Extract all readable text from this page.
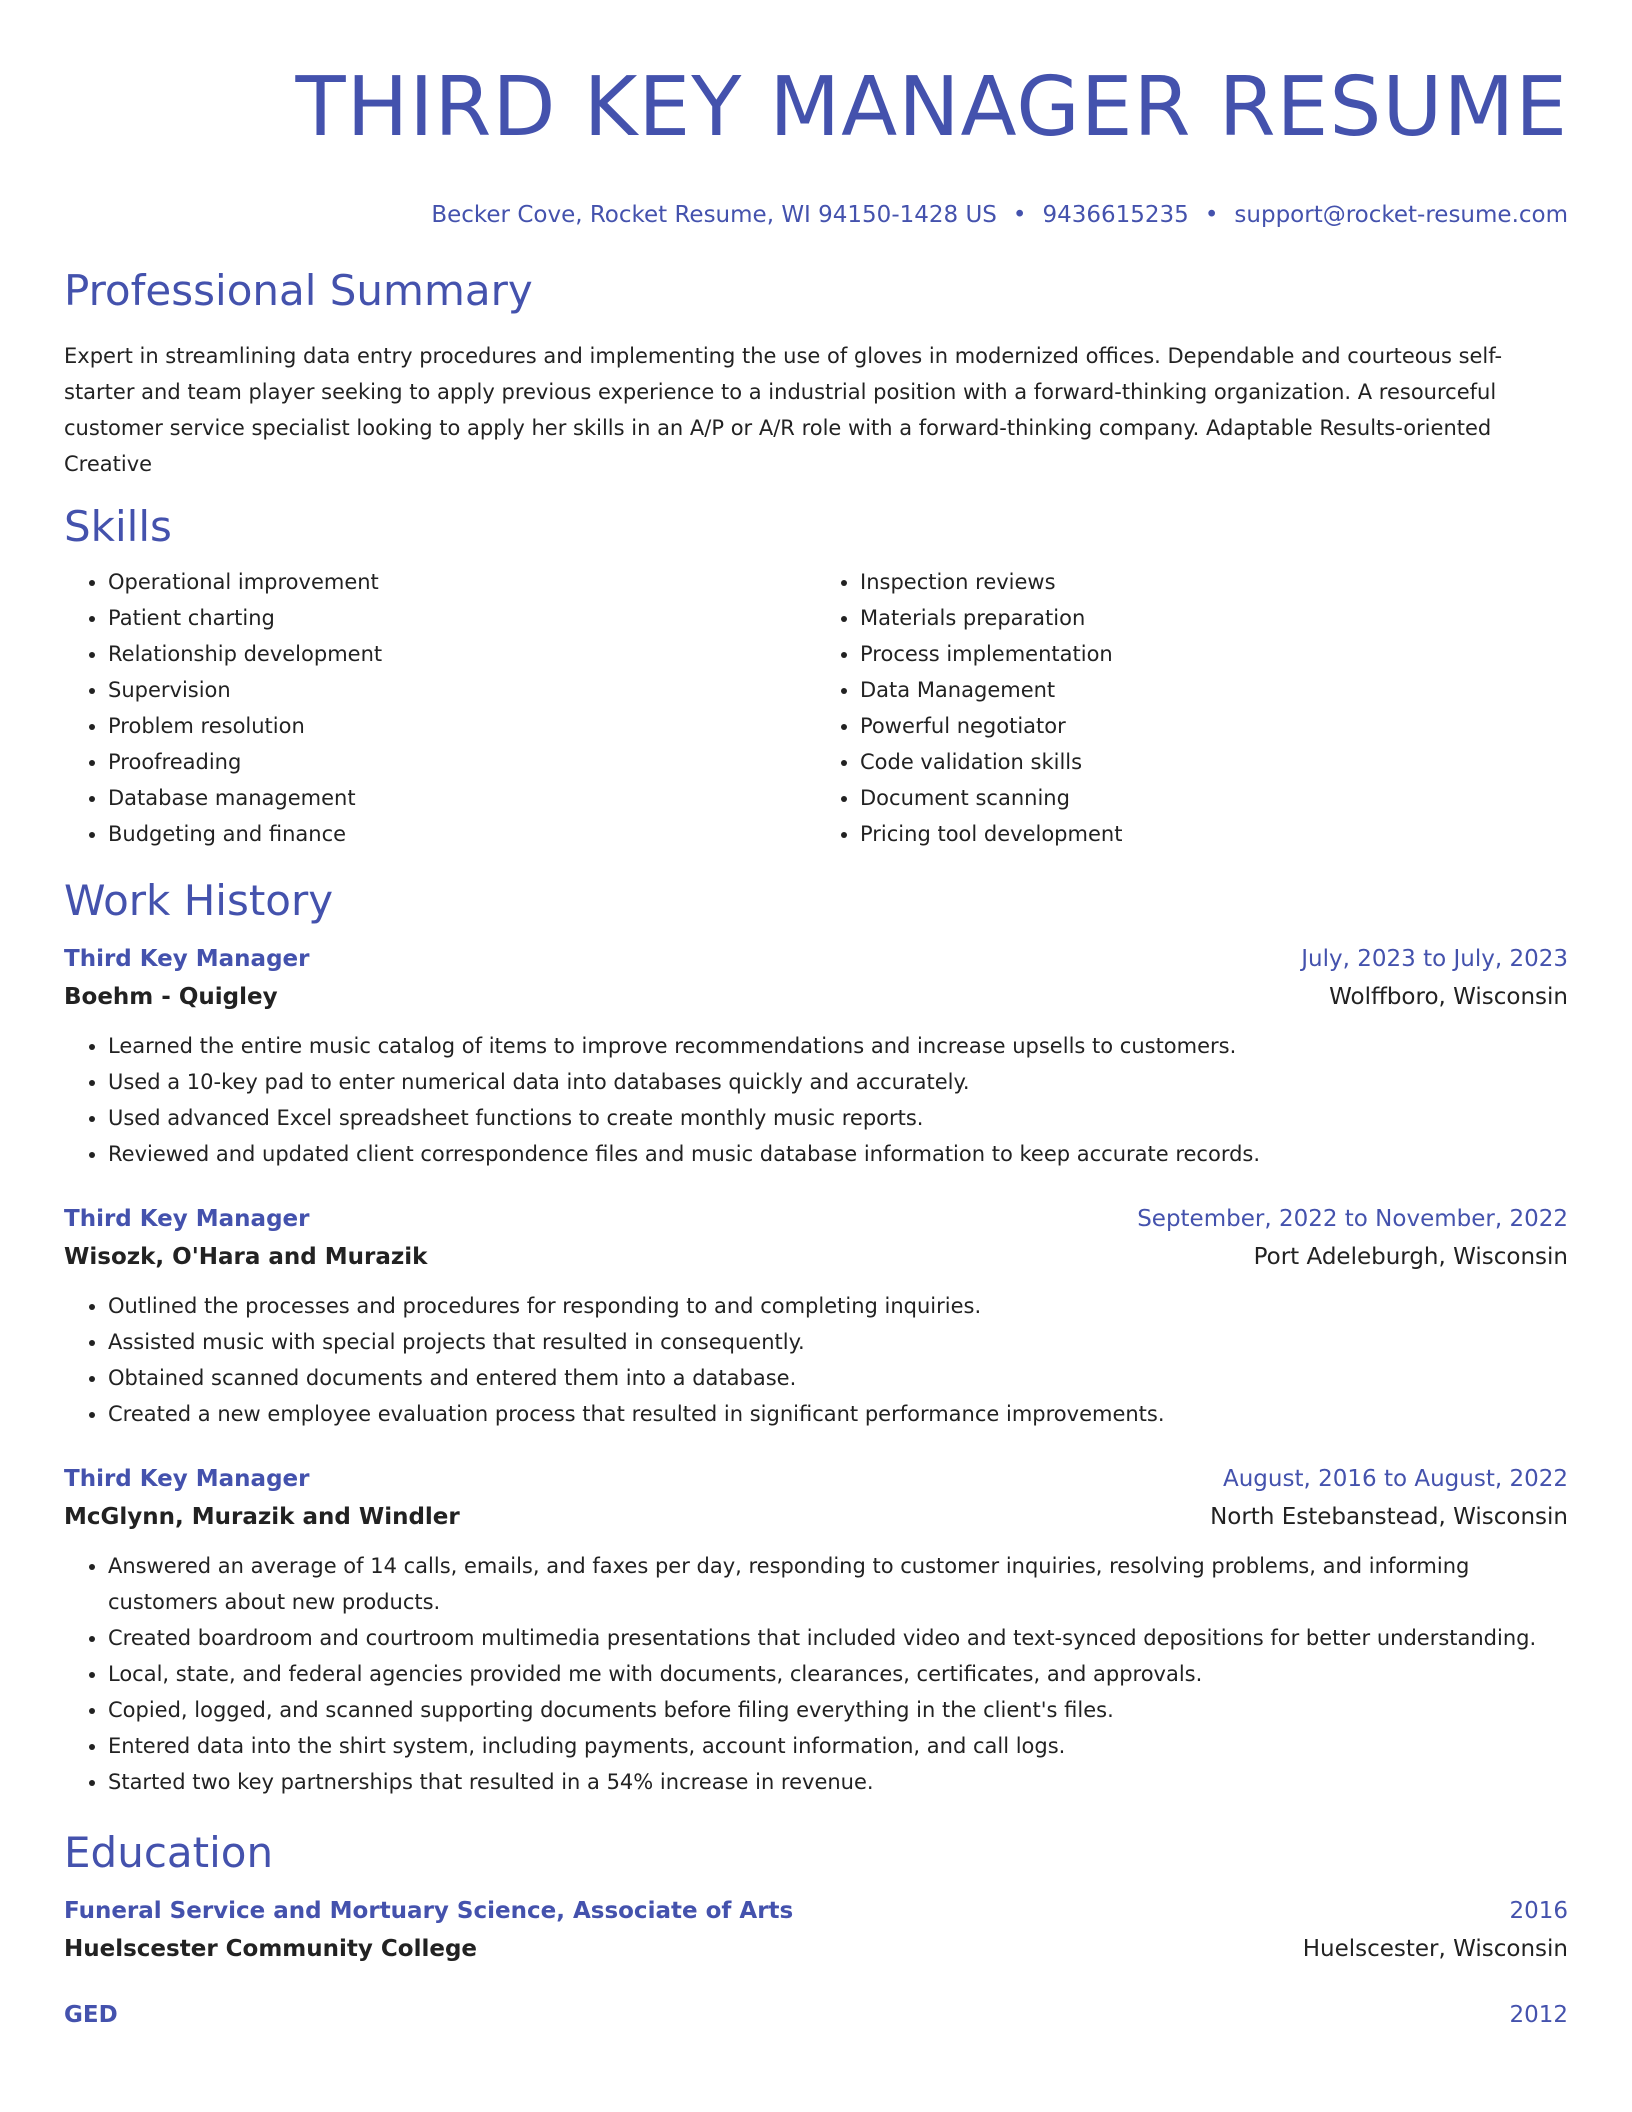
THIRD KEY MANAGER RESUME
Becker Cove, Rocket Resume, WI 94150-1428 US • 9436615235 • support@rocket-resume.com
Professional Summary

Expert in streamlining data entry procedures and implementing the use of gloves in modernized offices. Dependable and courteous self-starter and team player seeking to apply previous experience to a industrial position with a forward-thinking organization. A resourceful customer service specialist looking to apply her skills in an A/P or A/R role with a forward-thinking company. Adaptable Results-oriented Creative

Skills
• Operational improvement
• Patient charting
• Relationship development
• Supervision
• Problem resolution
• Proofreading
• Database management
• Budgeting and finance
• Inspection reviews
• Materials preparation
• Process implementation
• Data Management
• Powerful negotiator
• Code validation skills
• Document scanning
• Pricing tool development
Work History
Third Key Manager	July, 2023 to July, 2023
Boehm - Quigley	Wolffboro, Wisconsin
• Learned the entire music catalog of items to improve recommendations and increase upsells to customers.
• Used a 10-key pad to enter numerical data into databases quickly and accurately.
• Used advanced Excel spreadsheet functions to create monthly music reports.
• Reviewed and updated client correspondence files and music database information to keep accurate records.
Third Key Manager	September, 2022 to November, 2022
Wisozk, O'Hara and Murazik	Port Adeleburgh, Wisconsin
• Outlined the processes and procedures for responding to and completing inquiries.
• Assisted music with special projects that resulted in consequently.
• Obtained scanned documents and entered them into a database.
• Created a new employee evaluation process that resulted in significant performance improvements.
Third Key Manager	August, 2016 to August, 2022
McGlynn, Murazik and Windler	North Estebanstead, Wisconsin
• Answered an average of 14 calls, emails, and faxes per day, responding to customer inquiries, resolving problems, and informing customers about new products.
• Created boardroom and courtroom multimedia presentations that included video and text-synced depositions for better understanding.
• Local, state, and federal agencies provided me with documents, clearances, certificates, and approvals.
• Copied, logged, and scanned supporting documents before filing everything in the client's files.
• Entered data into the shirt system, including payments, account information, and call logs.
• Started two key partnerships that resulted in a 54% increase in revenue.
Education
Funeral Service and Mortuary Science, Associate of Arts	2016
Huelscester Community College	Huelscester, Wisconsin
GED	2012
